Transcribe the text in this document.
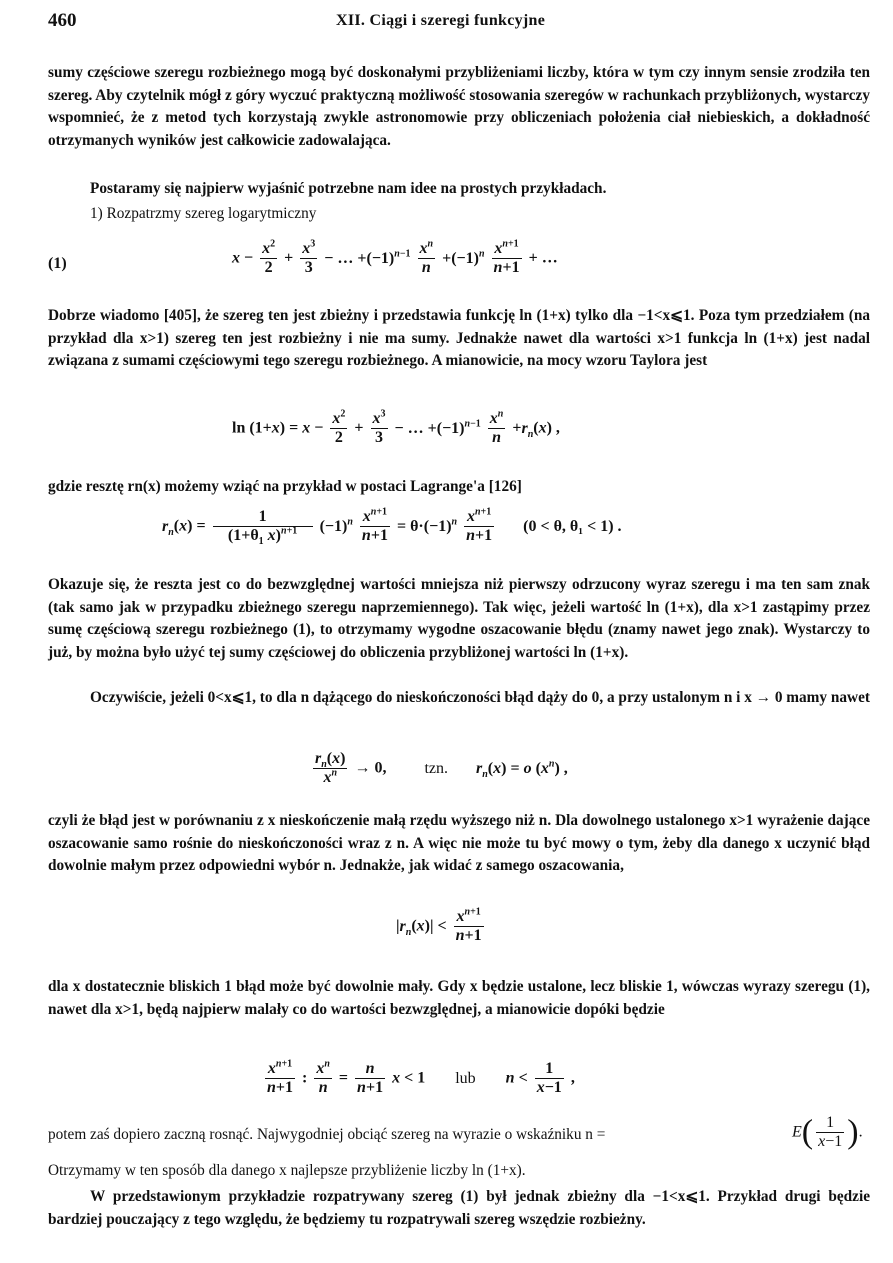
460	XII. Ciągi i szeregi funkcyjne
sumy częściowe szeregu rozbieżnego mogą być doskonałymi przybliżeniami liczby, która w tym czy innym sensie zrodziła ten szereg. Aby czytelnik mógł z góry wyczuć praktyczną możliwość stosowania szeregów w rachunkach przybliżonych, wystarczy wspomnieć, że z metod tych korzystają zwykle astronomowie przy obliczeniach położenia ciał niebieskich, a dokładność otrzymanych wyników jest całkowicie zadowalająca.
Postaramy się najpierw wyjaśnić potrzebne nam idee na prostych przykładach.
1) Rozpatrzmy szereg logarytmiczny
(1)	$x - \frac{x^2}{2} + \frac{x^3}{3}$ − … $+(-1)^{n-1} \frac{x^n}{n} +(-1)^n \frac{x^{n+1}}{n+1}$ + …
Dobrze wiadomo [405], że szereg ten jest zbieżny i przedstawia funkcję ln (1+x) tylko dla −1<x⩽1. Poza tym przedziałem (na przykład dla x>1) szereg ten jest rozbieżny i nie ma sumy. Jednakże nawet dla wartości x>1 funkcja ln (1+x) jest nadal związana z sumami częściowymi tego szeregu rozbieżnego. A mianowicie, na mocy wzoru Taylora jest
$\ln (1+x) = x - \frac{x^2}{2} + \frac{x^3}{3}$ − … $+(-1)^{n-1} \frac{x^n}{n} +r_n(x)$ ,
gdzie resztę rn(x) możemy wziąć na przykład w postaci Lagrange'a [126]
$r_n(x) = \frac{1}{(1+\theta_1 x)^{n+1}} (-1)^n \frac{x^{n+1}}{n+1} = \theta\cdot(-1)^n \frac{x^{n+1}}{n+1} (0 < \theta$, θ₁ < 1) .
Okazuje się, że reszta jest co do bezwzględnej wartości mniejsza niż pierwszy odrzucony wyraz szeregu i ma ten sam znak (tak samo jak w przypadku zbieżnego szeregu naprzemiennego). Tak więc, jeżeli wartość ln (1+x), dla x>1 zastąpimy przez sumę częściową szeregu rozbieżnego (1), to otrzymamy wygodne oszacowanie błędu (znamy nawet jego znak). Wystarczy to już, by można było użyć tej sumy częściowej do obliczenia przybliżonej wartości ln (1+x).
Oczywiście, jeżeli 0<x⩽1, to dla n dążącego do nieskończoności błąd dąży do 0, a przy ustalonym n i x → 0 mamy nawet
$\frac{r_n(x)}{x^n} \to 0$, tzn. $r_n(x) = o$ $(x^n)$ ,
czyli że błąd jest w porównaniu z x nieskończenie małą rzędu wyższego niż n. Dla dowolnego ustalonego x>1 wyrażenie dające oszacowanie samo rośnie do nieskończoności wraz z n. A więc nie może tu być mowy o tym, żeby dla danego x uczynić błąd dowolnie małym przez odpowiedni wybór n. Jednakże, jak widać z samego oszacowania,
$|r_n(x)| < \frac{x^{n+1}}{n+1}$
dla x dostatecznie bliskich 1 błąd może być dowolnie mały. Gdy x będzie ustalone, lecz bliskie 1, wówczas wyrazy szeregu (1), nawet dla x>1, będą najpierw malały co do wartości bezwzględnej, a mianowicie dopóki będzie
$\frac{x^{n+1}}{n+1}$ : $\frac{x^n}{n} = \frac{n}{n+1}$ x < 1 lub $n < \frac{1}{x-1}$ ,
potem zaś dopiero zaczną rosnąć. Najwygodniej obciąć szereg na wyrazie o wskaźniku n =	$E( \frac{1}{x-1}$ ).
Otrzymamy w ten sposób dla danego x najlepsze przybliżenie liczby ln (1+x).
W przedstawionym przykładzie rozpatrywany szereg (1) był jednak zbieżny dla −1<x⩽1. Przykład drugi będzie bardziej pouczający z tego względu, że będziemy tu rozpatrywali szereg wszędzie rozbieżny.
